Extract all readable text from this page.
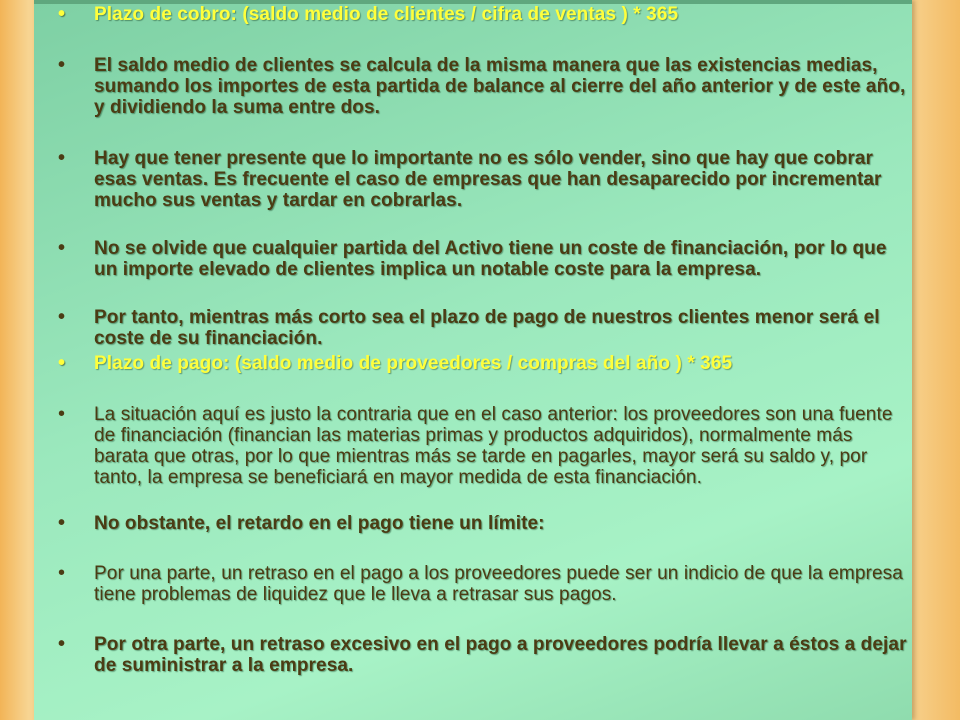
• Plazo de cobro: (saldo medio de clientes / cifra de ventas ) * 365
• El saldo medio de clientes se calcula de la misma manera que las existencias medias, sumando los importes de esta partida de balance al cierre del año anterior y de este año, y dividiendo la suma entre dos.
• Hay que tener presente que lo importante no es sólo vender, sino que hay que cobrar esas ventas. Es frecuente el caso de empresas que han desaparecido por incrementar mucho sus ventas y tardar en cobrarlas.
• No se olvide que cualquier partida del Activo tiene un coste de financiación, por lo que un importe elevado de clientes implica un notable coste para la empresa.
• Por tanto, mientras más corto sea el plazo de pago de nuestros clientes menor será el coste de su financiación.
• Plazo de pago: (saldo medio de proveedores / compras del año ) * 365
• La situación aquí es justo la contraria que en el caso anterior: los proveedores son una fuente de financiación (financian las materias primas y productos adquiridos), normalmente más barata que otras, por lo que mientras más se tarde en pagarles, mayor será su saldo y, por tanto, la empresa se beneficiará en mayor medida de esta financiación.
• No obstante, el retardo en el pago tiene un límite:
• Por una parte, un retraso en el pago a los proveedores puede ser un indicio de que la empresa tiene problemas de liquidez que le lleva a retrasar sus pagos.
• Por otra parte, un retraso excesivo en el pago a proveedores podría llevar a éstos a dejar de suministrar a la empresa.
